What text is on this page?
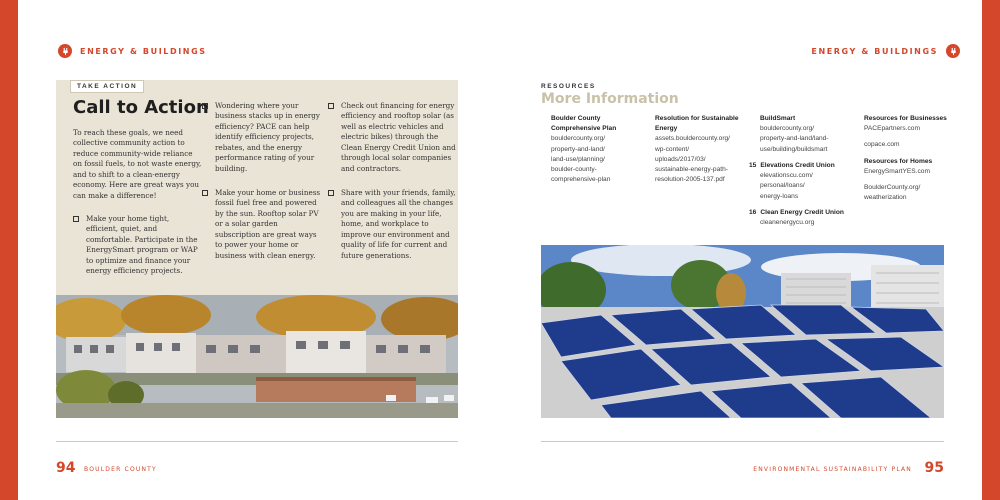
ENERGY & BUILDINGS
TAKE ACTION
Call to Action
To reach these goals, we need collective community action to reduce community-wide reliance on fossil fuels, to not waste energy, and to shift to a clean-energy economy. Here are great ways you can make a difference!
Make your home tight, efficient, quiet, and comfortable. Participate in the EnergySmart program or WAP to optimize and finance your energy efficiency projects.
Wondering where your business stacks up in energy efficiency? PACE can help identify efficiency projects, rebates, and the energy performance rating of your building.
Make your home or business fossil fuel free and powered by the sun. Rooftop solar PV or a solar garden subscription are great ways to power your home or business with clean energy.
Check out financing for energy efficiency and rooftop solar (as well as electric vehicles and electric bikes) through the Clean Energy Credit Union and through local solar companies and contractors.
Share with your friends, family, and colleagues all the changes you are making in your life, home, and workplace to improve our environment and quality of life for current and future generations.
94 BOULDER COUNTY
ENERGY & BUILDINGS
RESOURCES
More Information
Boulder County Comprehensive Plan
bouldercounty.org/
property-and-land/
land-use/planning/
boulder-county-
comprehensive-plan
Resolution for Sustainable Energy
assets.bouldercounty.org/
wp-content/
uploads/2017/03/
sustainable-energy-path-
resolution-2005-137.pdf
BuildSmart
bouldercounty.org/
property-and-land/land-
use/building/buildsmart
15 Elevations Credit Union
elevationscu.com/
personal/loans/
energy-loans
16 Clean Energy Credit Union
cleanenergycu.org
Resources for Businesses
PACEpartners.com
copace.com
Resources for Homes
EnergySmartYES.com
BoulderCounty.org/
weatherization
ENVIRONMENTAL SUSTAINABILITY PLAN 95
